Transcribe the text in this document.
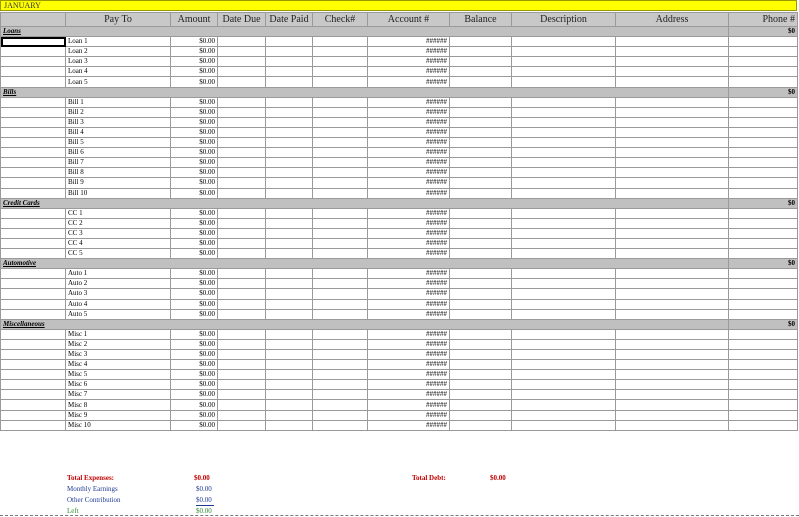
JANUARY
	Pay To	Amount	Date Due	Date Paid	Check#	Account #	Balance	Description	Address	Phone #
Loans										$0
	Loan 1	$0.00				######				
	Loan 2	$0.00				######				
	Loan 3	$0.00				######				
	Loan 4	$0.00				######				
	Loan 5	$0.00				######				
Bills										$0
	Bill 1	$0.00				######				
	Bill 2	$0.00				######				
	Bill 3	$0.00				######				
	Bill 4	$0.00				######				
	Bill 5	$0.00				######				
	Bill 6	$0.00				######				
	Bill 7	$0.00				######				
	Bill 8	$0.00				######				
	Bill 9	$0.00				######				
	Bill 10	$0.00				######				
Credit Cards										$0
	CC 1	$0.00				######				
	CC 2	$0.00				######				
	CC 3	$0.00				######				
	CC 4	$0.00				######				
	CC 5	$0.00				######				
Automotive										$0
	Auto 1	$0.00				######				
	Auto 2	$0.00				######				
	Auto 3	$0.00				######				
	Auto 4	$0.00				######				
	Auto 5	$0.00				######				
Miscellaneous										$0
	Misc 1	$0.00				######				
	Misc 2	$0.00				######				
	Misc 3	$0.00				######				
	Misc 4	$0.00				######				
	Misc 5	$0.00				######				
	Misc 6	$0.00				######				
	Misc 7	$0.00				######				
	Misc 8	$0.00				######				
	Misc 9	$0.00				######				
	Misc 10	$0.00				######				
Total Expenses:	$0.00	Total Debt:	$0.00
Monthly Earnings	$0.00
Other Contribution	$0.00
Left	$0.00
